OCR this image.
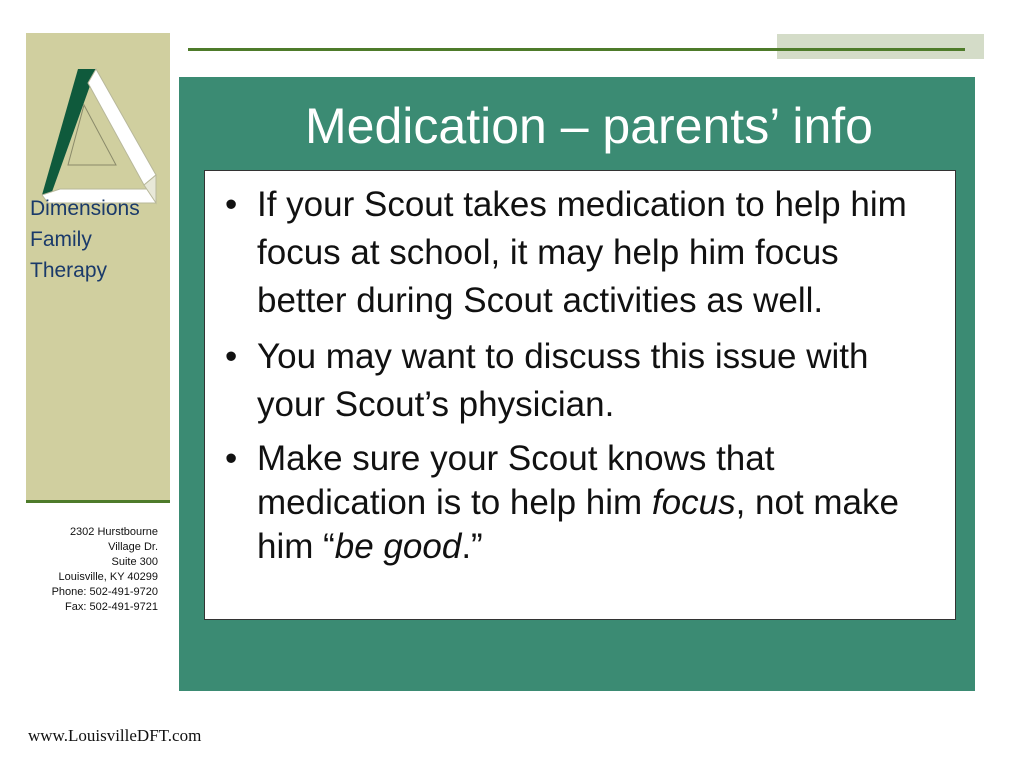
Dimensions
Family
Therapy
2302 Hurstbourne
Village Dr.
Suite 300
Louisville, KY 40299
Phone: 502-491-9720
Fax: 502-491-9721
www.LouisvilleDFT.com
Medication – parents’ info
• If your Scout takes medication to help him focus at school, it may help him focus better during Scout activities as well.
• You may want to discuss this issue with your Scout’s physician.
• Make sure your Scout knows that medication is to help him focus, not make him “be good.”
